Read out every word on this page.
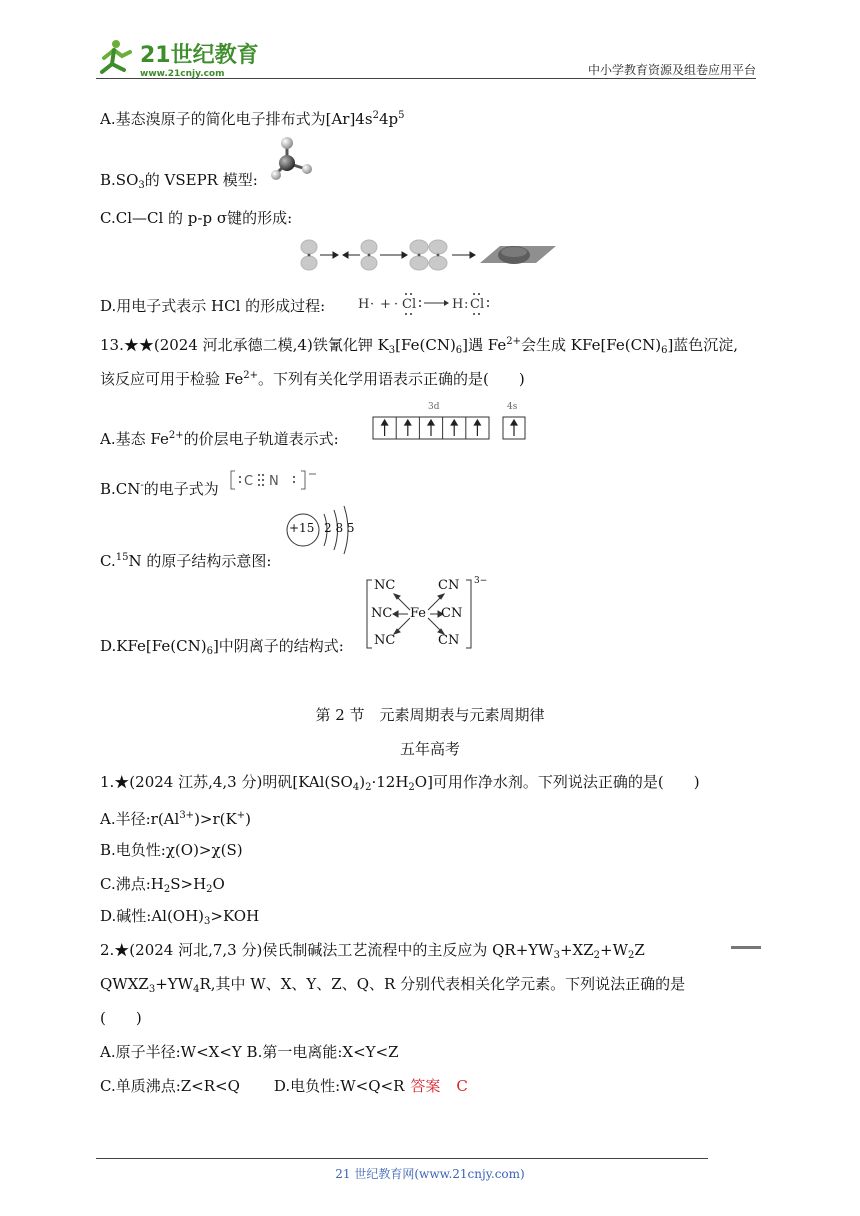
21世纪教育
www.21cnjy.com	中小学教育资源及组卷应用平台
A.基态溴原子的简化电子排布式为$[Ar]4s^24p^5$
$B.SO_3$的 VSEPR 模型:
C.Cl—Cl 的 p-p σ键的形成:
D.用电子式表示 HCl 的形成过程:	H · + · Cl	H : Cl
13.★★(2024 河北承德二模,4)铁氰化钾 $K_3[Fe(CN)_6]$遇 $Fe^{2+}$会生成 $KFe[Fe(CN)_6]$蓝色沉淀,
该反应可用于检验 $Fe^{2+}$。下列有关化学用语表示正确的是(　　)
A.基态 $Fe^{2+}$的价层电子轨道表示式:
3d	4s
B.CN-的电子式为 C N
C.$^{15}$N 的原子结构示意图:
+15 2 8 5
$D.KFe[Fe(CN)_6]$中阴离子的结构式:
NC	CN
NC Fe CN
NC	CN
3−
第 2 节　元素周期表与元素周期律
五年高考
1.★(2024 江苏,4,3 分)明矾$[KAl(SO_4)_2\cdot 12H_2O]$可用作净水剂。下列说法正确的是(　　)
A.半径$:r(Al^{3+})>r(K^+)$
B.电负性:χ(O)>χ(S)
C.沸点$:H_2S>H_2O$
D.碱性$:Al(OH)_3>KOH$
2.★(2024 河北,7,3 分)侯氏制碱法工艺流程中的主反应为 $QR+YW_3+XZ_2+W_2Z$
$QWXZ_3+YW_4R$,其中 W、X、Y、Z、Q、R 分别代表相关化学元素。下列说法正确的是
(　　)
A.原子半径:W<X<Y B.第一电离能:X<Y<Z
C.单质沸点:Z<R<Q D.电负性:W<Q<R 答案 C
21 世纪教育网(www.21cnjy.com)
